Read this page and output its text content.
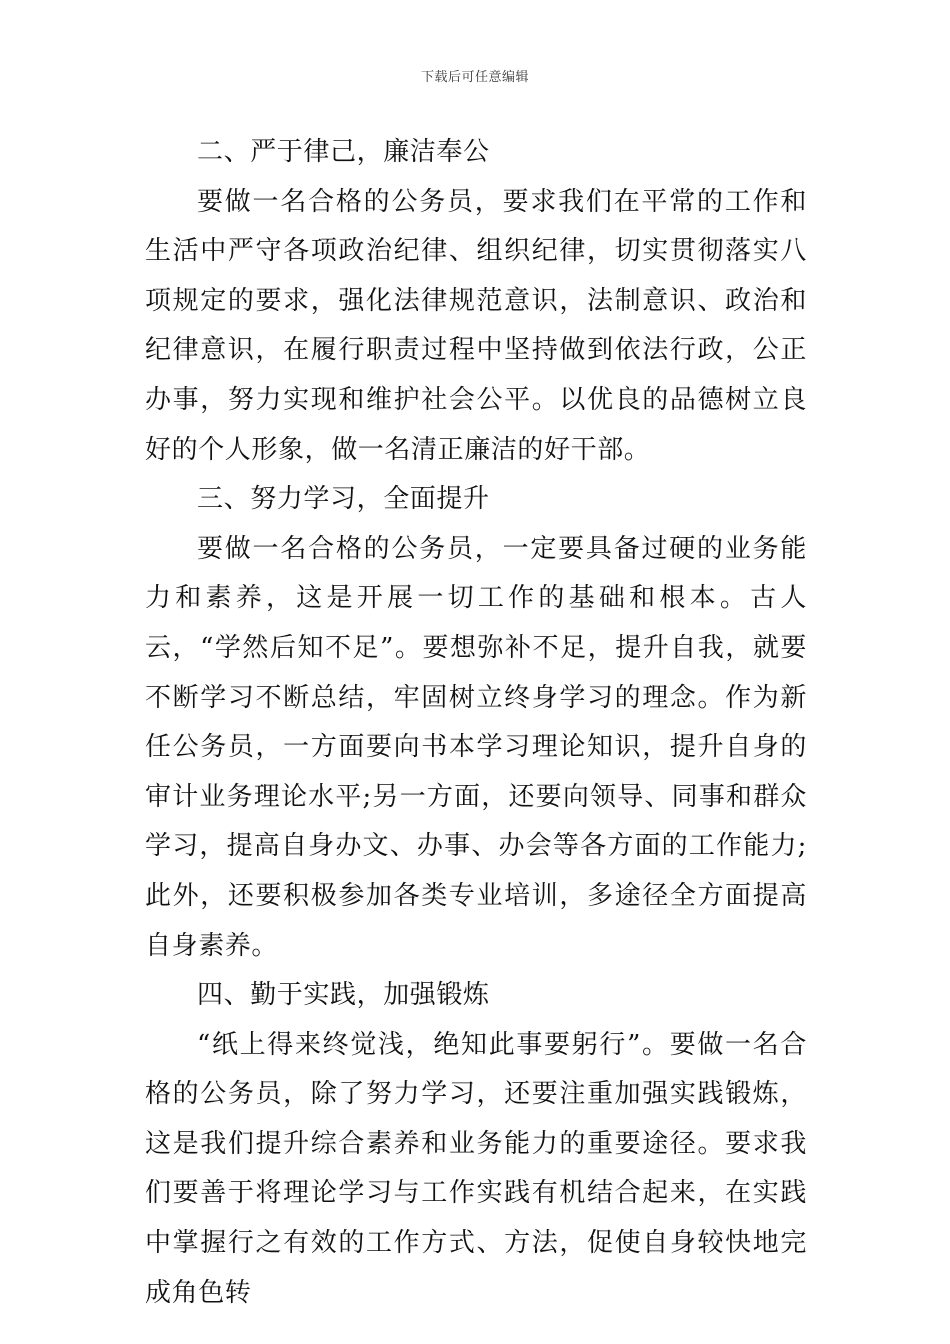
下载后可任意编辑

二、严于律己，廉洁奉公

要做一名合格的公务员，要求我们在平常的工作和生活中严守各项政治纪律、组织纪律，切实贯彻落实八项规定的要求，强化法律规范意识，法制意识、政治和纪律意识，在履行职责过程中坚持做到依法行政，公正办事，努力实现和维护社会公平。以优良的品德树立良好的个人形象，做一名清正廉洁的好干部。

三、努力学习，全面提升

要做一名合格的公务员，一定要具备过硬的业务能力和素养，这是开展一切工作的基础和根本。古人云，“学然后知不足”。要想弥补不足，提升自我，就要不断学习不断总结，牢固树立终身学习的理念。作为新任公务员，一方面要向书本学习理论知识，提升自身的审计业务理论水平;另一方面，还要向领导、同事和群众学习，提高自身办文、办事、办会等各方面的工作能力;此外，还要积极参加各类专业培训，多途径全方面提高自身素养。

四、勤于实践，加强锻炼

“纸上得来终觉浅，绝知此事要躬行”。要做一名合格的公务员，除了努力学习，还要注重加强实践锻炼，这是我们提升综合素养和业务能力的重要途径。要求我们要善于将理论学习与工作实践有机结合起来，在实践中掌握行之有效的工作方式、方法，促使自身较快地完成角色转
